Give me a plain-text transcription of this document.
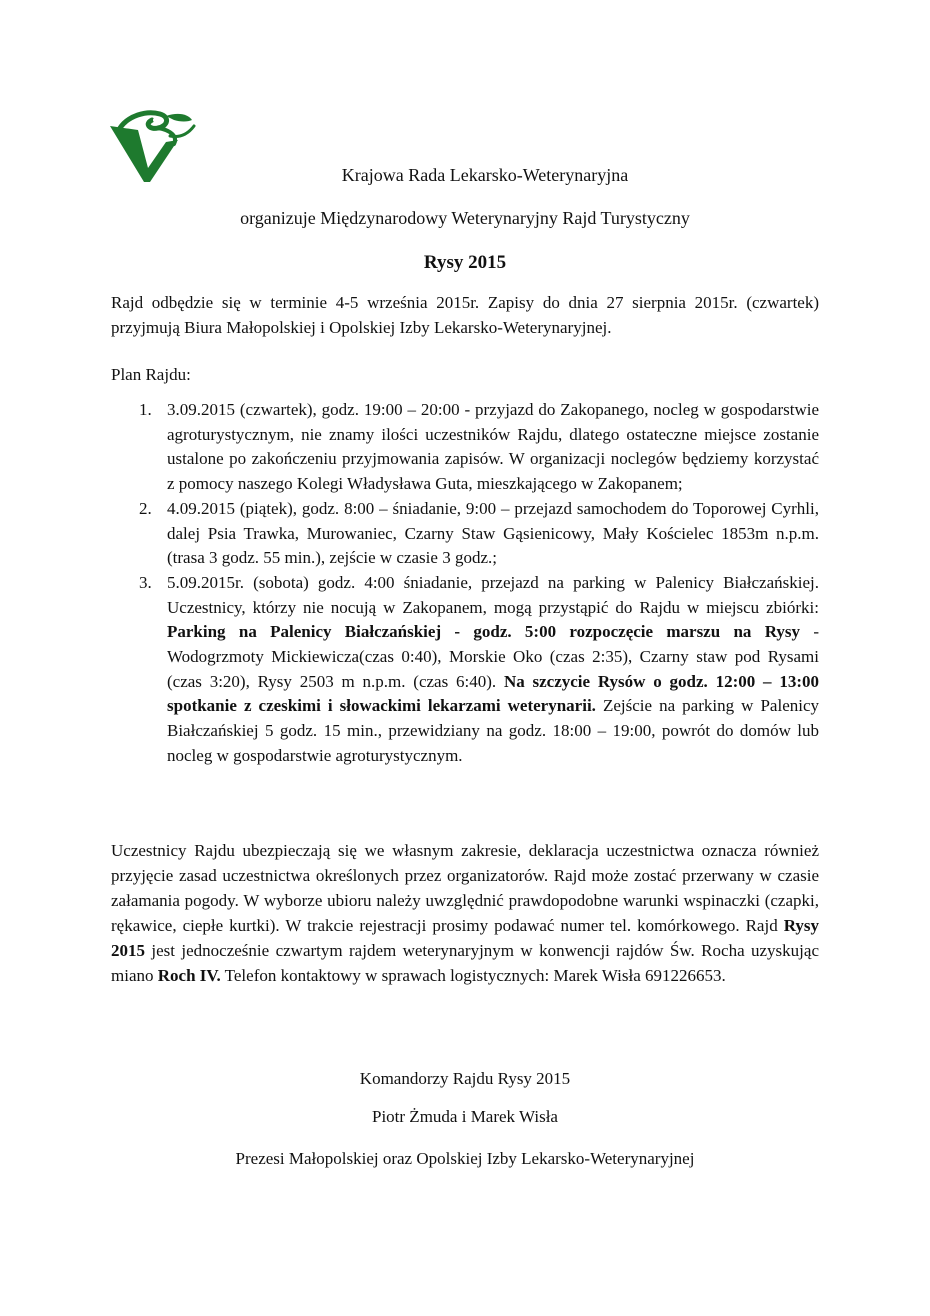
Krajowa Rada Lekarsko-Weterynaryjna
organizuje Międzynarodowy Weterynaryjny Rajd Turystyczny
Rysy 2015

Rajd odbędzie się w terminie 4-5 września 2015r. Zapisy do dnia 27 sierpnia 2015r. (czwartek) przyjmują Biura Małopolskiej i Opolskiej Izby Lekarsko-Weterynaryjnej.

Plan Rajdu:

1. 3.09.2015 (czwartek), godz. 19:00 – 20:00 - przyjazd do Zakopanego, nocleg w gospodarstwie agroturystycznym, nie znamy ilości uczestników Rajdu, dlatego ostateczne miejsce zostanie ustalone po zakończeniu przyjmowania zapisów. W organizacji noclegów będziemy korzystać z pomocy naszego Kolegi Władysława Guta, mieszkającego w Zakopanem;
2. 4.09.2015 (piątek), godz. 8:00 – śniadanie, 9:00 – przejazd samochodem do Toporowej Cyrhli, dalej Psia Trawka, Murowaniec, Czarny Staw Gąsienicowy, Mały Kościelec 1853m n.p.m. (trasa 3 godz. 55 min.), zejście w czasie 3 godz.;
3. 5.09.2015r. (sobota) godz. 4:00 śniadanie, przejazd na parking w Palenicy Białczańskiej. Uczestnicy, którzy nie nocują w Zakopanem, mogą przystąpić do Rajdu w miejscu zbiórki: Parking na Palenicy Białczańskiej - godz. 5:00 rozpoczęcie marszu na Rysy - Wodogrzmoty Mickiewicza(czas 0:40), Morskie Oko (czas 2:35), Czarny staw pod Rysami (czas 3:20), Rysy 2503 m n.p.m. (czas 6:40). Na szczycie Rysów o godz. 12:00 – 13:00 spotkanie z czeskimi i słowackimi lekarzami weterynarii. Zejście na parking w Palenicy Białczańskiej 5 godz. 15 min., przewidziany na godz. 18:00 – 19:00, powrót do domów lub nocleg w gospodarstwie agroturystycznym.

Uczestnicy Rajdu ubezpieczają się we własnym zakresie, deklaracja uczestnictwa oznacza również przyjęcie zasad uczestnictwa określonych przez organizatorów. Rajd może zostać przerwany w czasie załamania pogody. W wyborze ubioru należy uwzględnić prawdopodobne warunki wspinaczki (czapki, rękawice, ciepłe kurtki). W trakcie rejestracji prosimy podawać numer tel. komórkowego. Rajd Rysy 2015 jest jednocześnie czwartym rajdem weterynaryjnym w konwencji rajdów Św. Rocha uzyskując miano Roch IV. Telefon kontaktowy w sprawach logistycznych: Marek Wisła 691226653.

Komandorzy Rajdu Rysy 2015
Piotr Żmuda i Marek Wisła
Prezesi Małopolskiej oraz Opolskiej Izby Lekarsko-Weterynaryjnej
